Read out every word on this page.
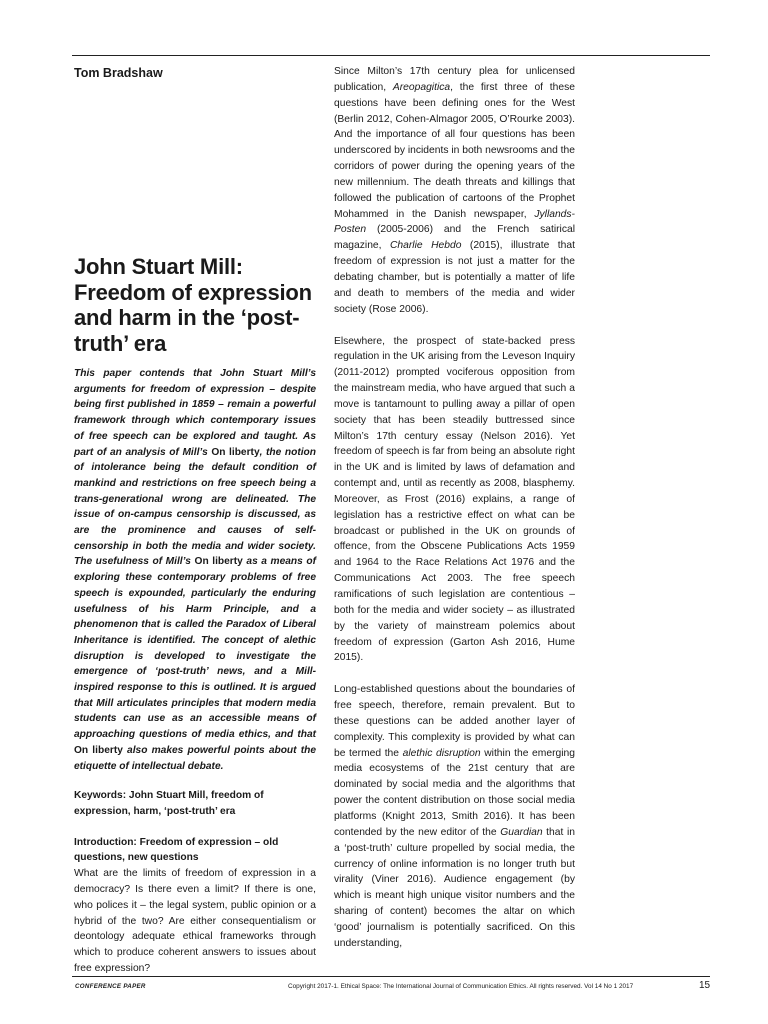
Tom Bradshaw
John Stuart Mill: Freedom of expression and harm in the ‘post-truth’ era
This paper contends that John Stuart Mill’s arguments for freedom of expression – despite being first published in 1859 – remain a powerful framework through which contemporary issues of free speech can be explored and taught. As part of an analysis of Mill’s On liberty, the notion of intolerance being the default condition of mankind and restrictions on free speech being a trans-generational wrong are delineated. The issue of on-campus censorship is discussed, as are the prominence and causes of self-censorship in both the media and wider society. The usefulness of Mill’s On liberty as a means of exploring these contemporary problems of free speech is expounded, particularly the enduring usefulness of his Harm Principle, and a phenomenon that is called the Paradox of Liberal Inheritance is identified. The concept of alethic disruption is developed to investigate the emergence of ‘post-truth’ news, and a Mill-inspired response to this is outlined. It is argued that Mill articulates principles that modern media students can use as an accessible means of approaching questions of media ethics, and that On liberty also makes powerful points about the etiquette of intellectual debate.
Keywords: John Stuart Mill, freedom of expression, harm, ‘post-truth’ era
Introduction: Freedom of expression – old questions, new questions
What are the limits of freedom of expression in a democracy? Is there even a limit? If there is one, who polices it – the legal system, public opinion or a hybrid of the two? Are either consequentialism or deontology adequate ethical frameworks through which to produce coherent answers to issues about free expression?

Since Milton’s 17th century plea for unlicensed publication, Areopagitica, the first three of these questions have been defining ones for the West (Berlin 2012, Cohen-Almagor 2005, O’Rourke 2003). And the importance of all four questions has been underscored by incidents in both newsrooms and the corridors of power during the opening years of the new millennium. The death threats and killings that followed the publication of cartoons of the Prophet Mohammed in the Danish newspaper, Jyllands-Posten (2005-2006) and the French satirical magazine, Charlie Hebdo (2015), illustrate that freedom of expression is not just a matter for the debating chamber, but is potentially a matter of life and death to members of the media and wider society (Rose 2006).

Elsewhere, the prospect of state-backed press regulation in the UK arising from the Leveson Inquiry (2011-2012) prompted vociferous opposition from the mainstream media, who have argued that such a move is tantamount to pulling away a pillar of open society that has been steadily buttressed since Milton’s 17th century essay (Nelson 2016). Yet freedom of speech is far from being an absolute right in the UK and is limited by laws of defamation and contempt and, until as recently as 2008, blasphemy. Moreover, as Frost (2016) explains, a range of legislation has a restrictive effect on what can be broadcast or published in the UK on grounds of offence, from the Obscene Publications Acts 1959 and 1964 to the Race Relations Act 1976 and the Communications Act 2003. The free speech ramifications of such legislation are contentious – both for the media and wider society – as illustrated by the variety of mainstream polemics about freedom of expression (Garton Ash 2016, Hume 2015).

Long-established questions about the boundaries of free speech, therefore, remain prevalent. But to these questions can be added another layer of complexity. This complexity is provided by what can be termed the alethic disruption within the emerging media ecosystems of the 21st century that are dominated by social media and the algorithms that power the content distribution on those social media platforms (Knight 2013, Smith 2016). It has been contended by the new editor of the Guardian that in a ‘post-truth’ culture propelled by social media, the currency of online information is no longer truth but virality (Viner 2016). Audience engagement (by which is meant high unique visitor numbers and the sharing of content) becomes the altar on which ‘good’ journalism is potentially sacrificed. On this understanding,

CONFERENCE PAPER	Copyright 2017-1. Ethical Space: The International Journal of Communication Ethics. All rights reserved. Vol 14 No 1 2017	15
